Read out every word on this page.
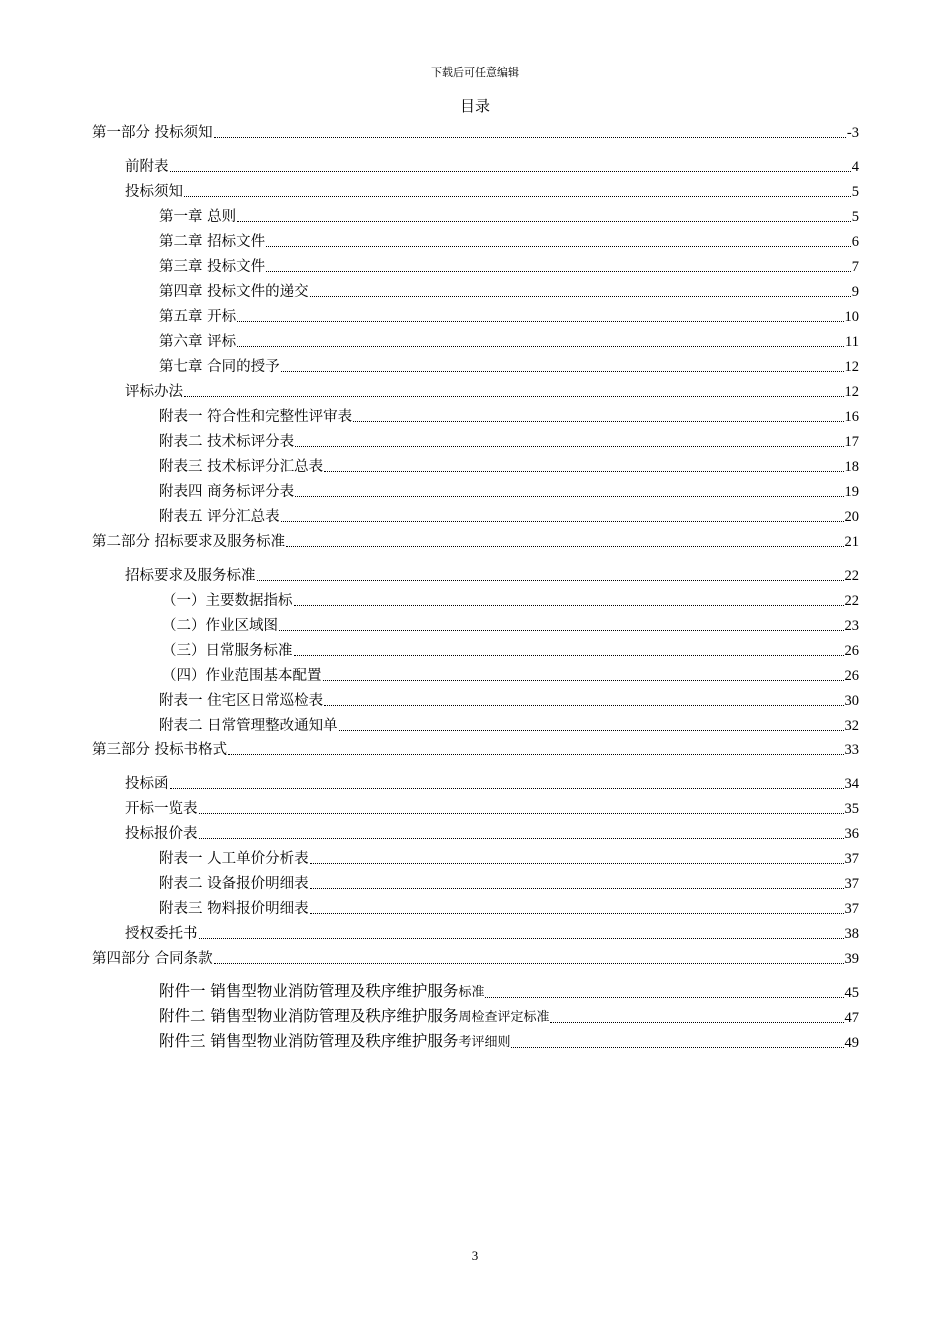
下载后可任意编辑
目录
第一部分 投标须知	-3
前附表	4
投标须知	5
第一章 总则	5
第二章 招标文件	6
第三章 投标文件	7
第四章 投标文件的递交	9
第五章 开标	10
第六章 评标	11
第七章 合同的授予	12
评标办法	12
附表一 符合性和完整性评审表	16
附表二 技术标评分表	17
附表三 技术标评分汇总表	18
附表四 商务标评分表	19
附表五 评分汇总表	20
第二部分 招标要求及服务标准	21
招标要求及服务标准	22
（一）主要数据指标	22
（二）作业区域图	23
（三）日常服务标准	26
（四）作业范围基本配置	26
附表一 住宅区日常巡检表	30
附表二 日常管理整改通知单	32
第三部分 投标书格式	33
投标函	34
开标一览表	35
投标报价表	36
附表一 人工单价分析表	37
附表二 设备报价明细表	37
附表三 物料报价明细表	37
授权委托书	38
第四部分 合同条款	39
附件一 销售型物业消防管理及秩序维护服务标准	45
附件二 销售型物业消防管理及秩序维护服务周检查评定标准	47
附件三 销售型物业消防管理及秩序维护服务考评细则	49
3
